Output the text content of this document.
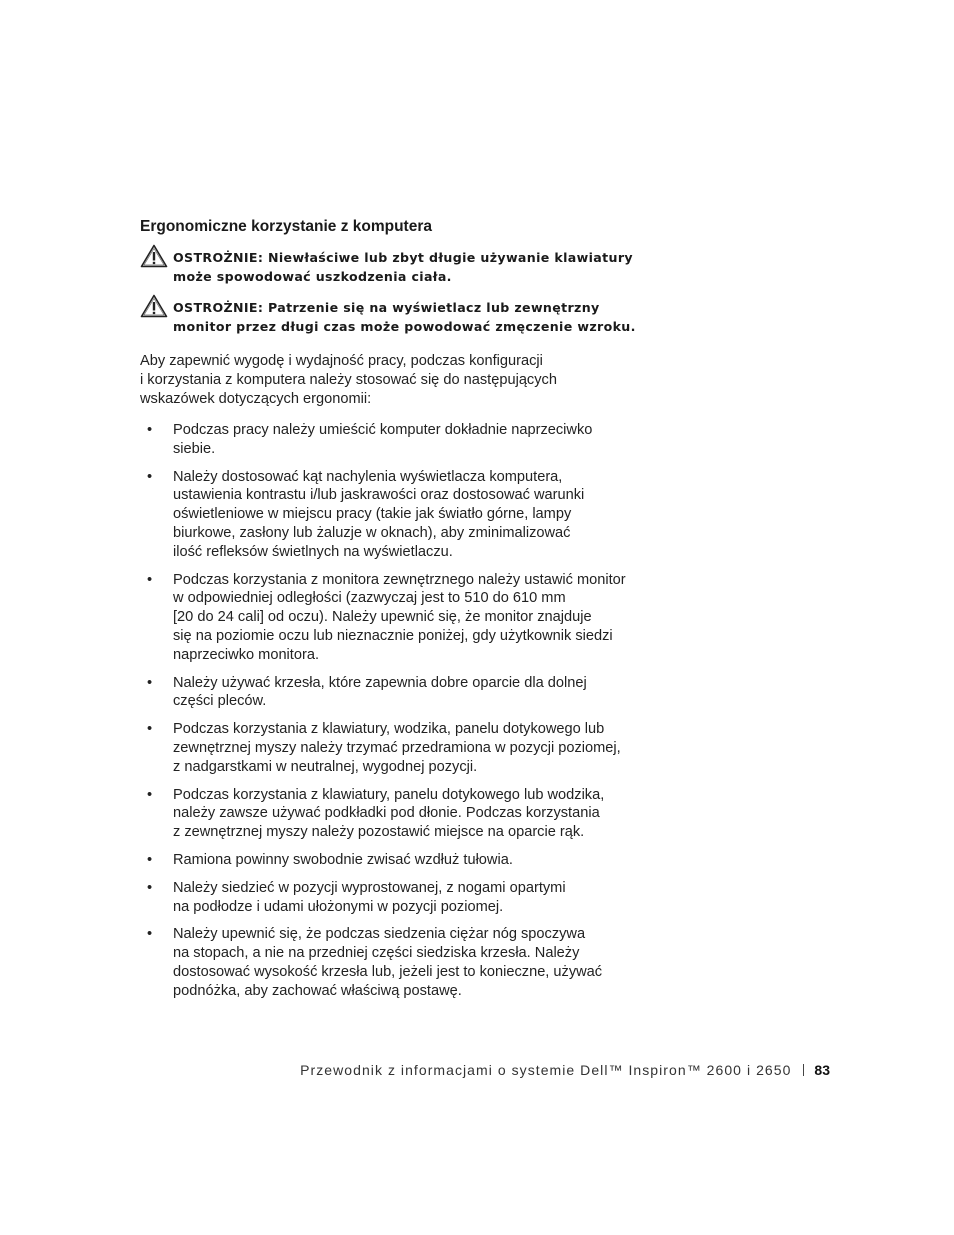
Ergonomiczne korzystanie z komputera
OSTROŻNIE: Niewłaściwe lub zbyt długie używanie klawiatury
może spowodować uszkodzenia ciała.
OSTROŻNIE: Patrzenie się na wyświetlacz lub zewnętrzny
monitor przez długi czas może powodować zmęczenie wzroku.
Aby zapewnić wygodę i wydajność pracy, podczas konfiguracji
i korzystania z komputera należy stosować się do następujących
wskazówek dotyczących ergonomii:
• Podczas pracy należy umieścić komputer dokładnie naprzeciwko
siebie.
• Należy dostosować kąt nachylenia wyświetlacza komputera,
ustawienia kontrastu i/lub jaskrawości oraz dostosować warunki
oświetleniowe w miejscu pracy (takie jak światło górne, lampy
biurkowe, zasłony lub żaluzje w oknach), aby zminimalizować
ilość refleksów świetlnych na wyświetlaczu.
• Podczas korzystania z monitora zewnętrznego należy ustawić monitor
w odpowiedniej odległości (zazwyczaj jest to 510 do 610 mm
[20 do 24 cali] od oczu). Należy upewnić się, że monitor znajduje
się na poziomie oczu lub nieznacznie poniżej, gdy użytkownik siedzi
naprzeciwko monitora.
• Należy używać krzesła, które zapewnia dobre oparcie dla dolnej
części pleców.
• Podczas korzystania z klawiatury, wodzika, panelu dotykowego lub
zewnętrznej myszy należy trzymać przedramiona w pozycji poziomej,
z nadgarstkami w neutralnej, wygodnej pozycji.
• Podczas korzystania z klawiatury, panelu dotykowego lub wodzika,
należy zawsze używać podkładki pod dłonie. Podczas korzystania
z zewnętrznej myszy należy pozostawić miejsce na oparcie rąk.
• Ramiona powinny swobodnie zwisać wzdłuż tułowia.
• Należy siedzieć w pozycji wyprostowanej, z nogami opartymi
na podłodze i udami ułożonymi w pozycji poziomej.
• Należy upewnić się, że podczas siedzenia ciężar nóg spoczywa
na stopach, a nie na przedniej części siedziska krzesła. Należy
dostosować wysokość krzesła lub, jeżeli jest to konieczne, używać
podnóżka, aby zachować właściwą postawę.
Przewodnik z informacjami o systemie Dell™ Inspiron™ 2600 i 2650 83
